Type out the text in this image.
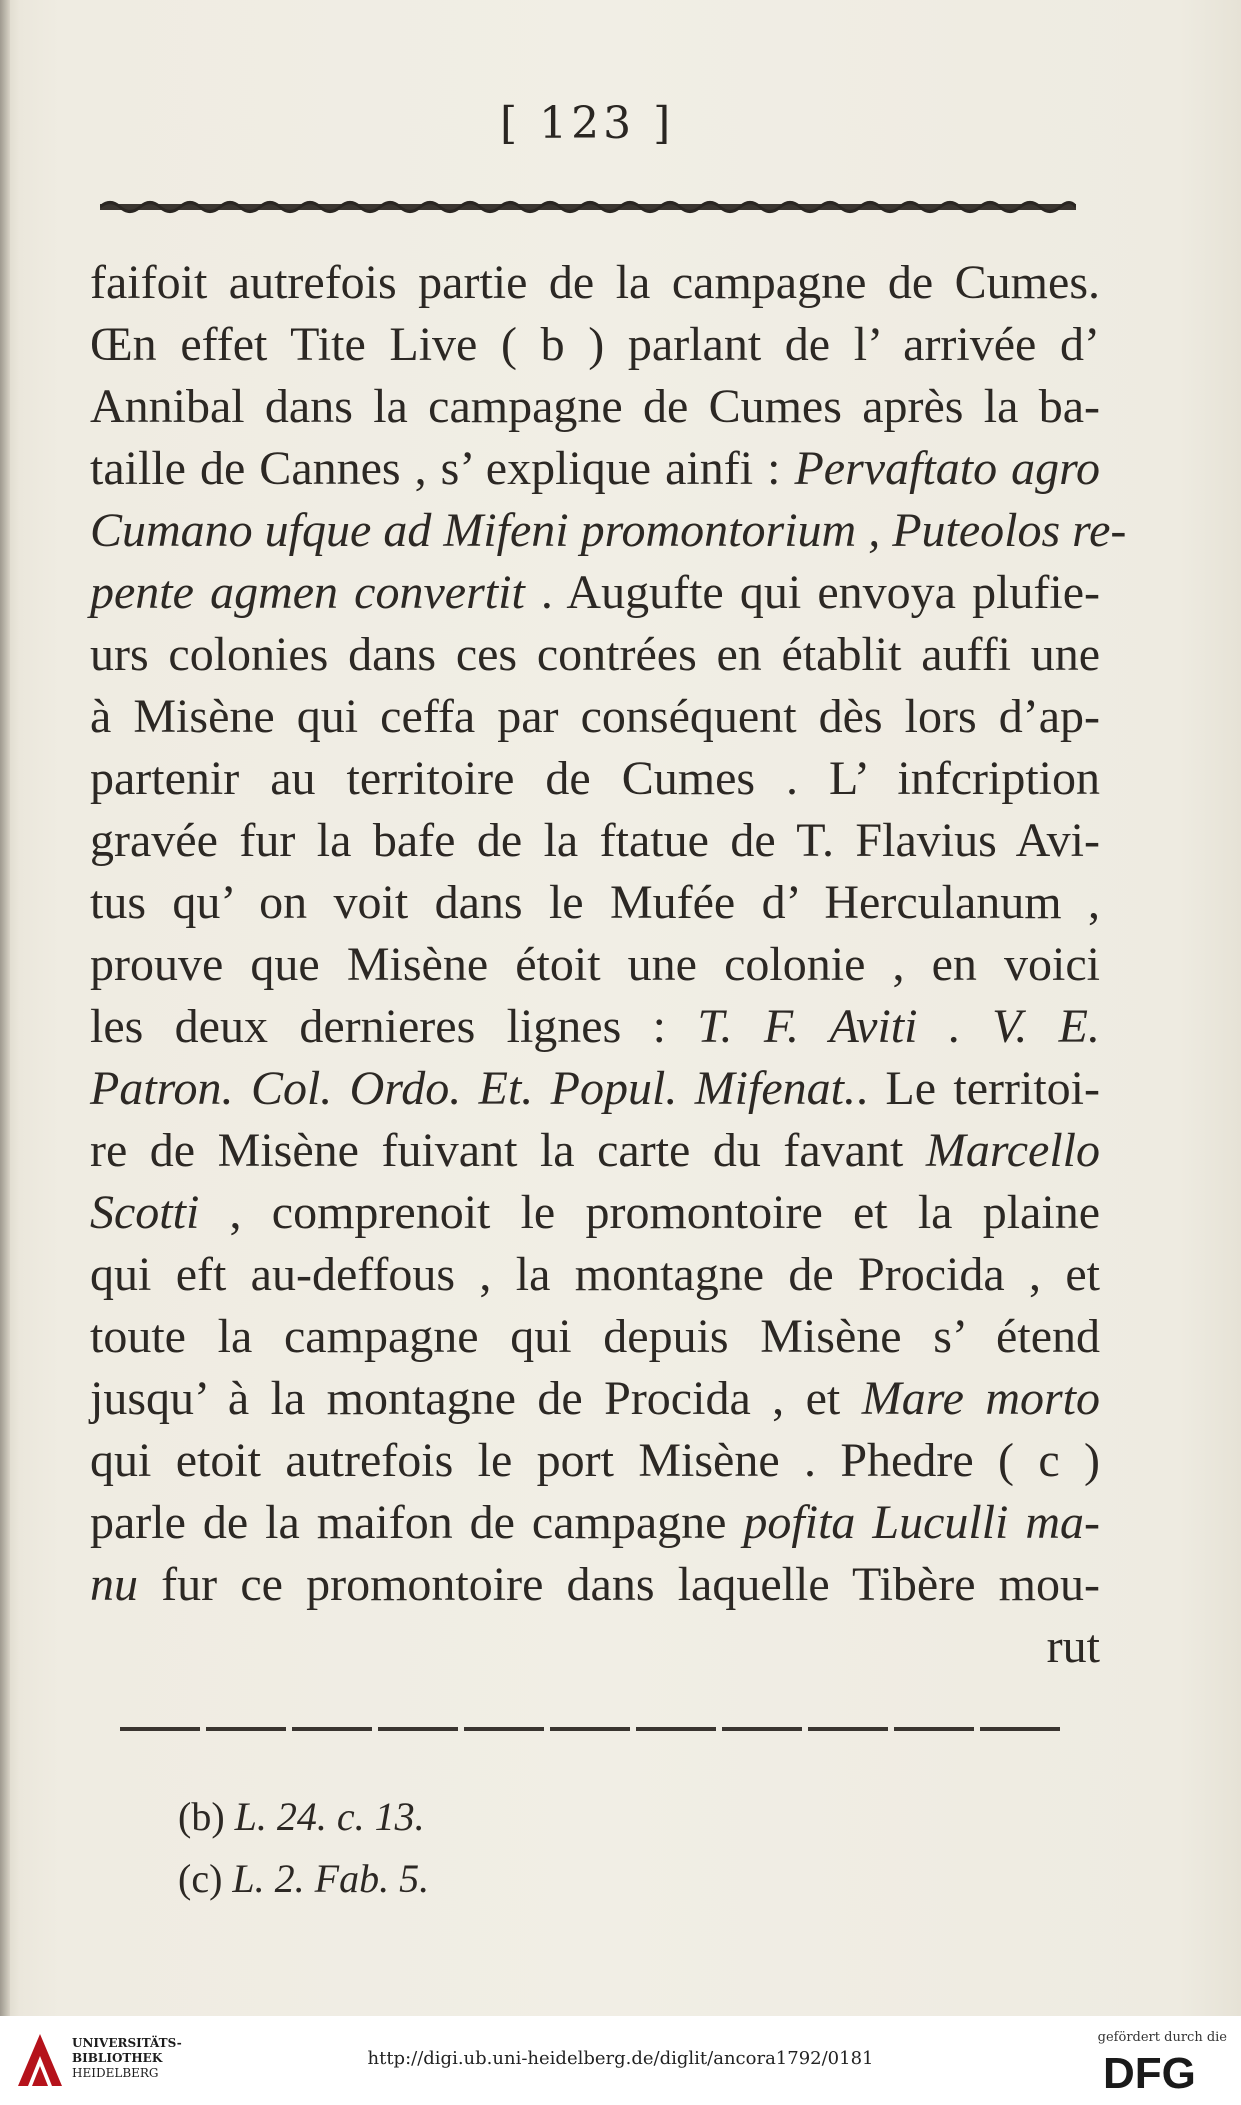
[ 123 ]
faifoit autrefois partie de la campagne de Cumes.
Œn effet Tite Live ( b ) parlant de l’ arrivée d’
Annibal dans la campagne de Cumes après la ba-
taille de Cannes , s’ explique ainfi : Pervaftato agro
Cumano ufque ad Mifeni promontorium , Puteolos re-
pente agmen convertit . Augufte qui envoya plufie-
urs colonies dans ces contrées en établit auffi une
à Misène qui ceffa par conséquent dès lors d’ap-
partenir au territoire de Cumes . L’ infcription
gravée fur la bafe de la ftatue de T. Flavius Avi-
tus qu’ on voit dans le Mufée d’ Herculanum ,
prouve que Misène étoit une colonie , en voici
les deux dernieres lignes : T. F. Aviti . V. E.
Patron. Col. Ordo. Et. Popul. Mifenat.. Le territoi-
re de Misène fuivant la carte du favant Marcello
Scotti , comprenoit le promontoire et la plaine
qui eft au-deffous , la montagne de Procida , et
toute la campagne qui depuis Misène s’ étend
jusqu’ à la montagne de Procida , et Mare morto
qui etoit autrefois le port Misène . Phedre ( c )
parle de la maifon de campagne pofita Luculli ma-
nu fur ce promontoire dans laquelle Tibère mou-
rut
(b) L. 24. c. 13.
(c) L. 2. Fab. 5.
UNIVERSITÄTS-
BIBLIOTHEK
HEIDELBERG
http://digi.ub.uni-heidelberg.de/diglit/ancora1792/0181
gefördert durch die
DFG
